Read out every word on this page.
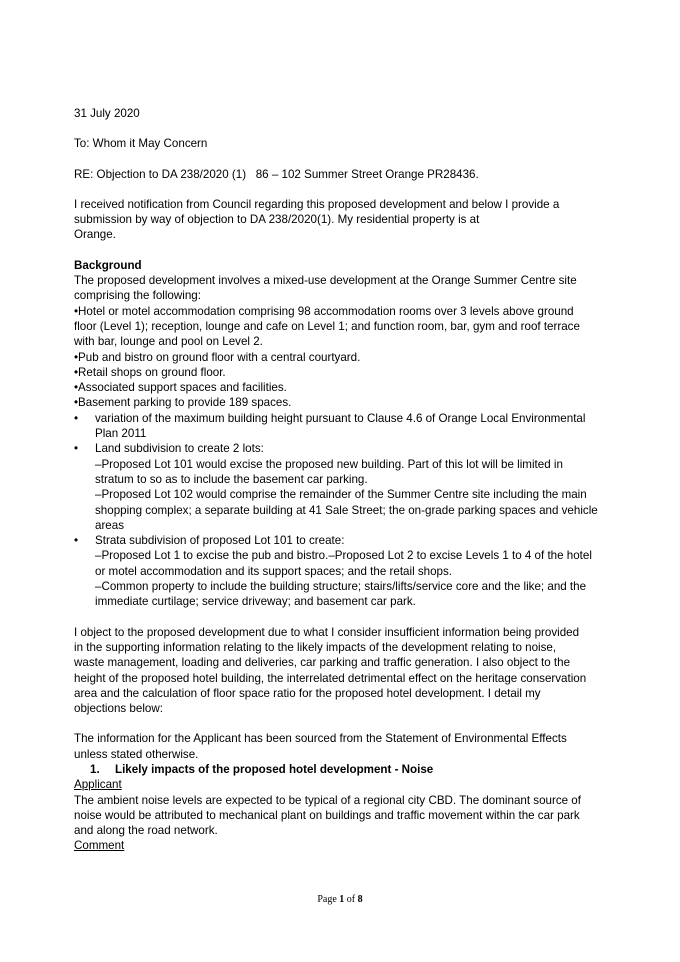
31 July 2020

To: Whom it May Concern

RE: Objection to DA 238/2020 (1)   86 – 102 Summer Street Orange PR28436.

I received notification from Council regarding this proposed development and below I provide a

submission by way of objection to DA 238/2020(1). My residential property is at

Orange.

Background

The proposed development involves a mixed-use development at the Orange Summer Centre site

comprising the following:

•Hotel or motel accommodation comprising 98 accommodation rooms over 3 levels above ground

floor (Level 1); reception, lounge and cafe on Level 1; and function room, bar, gym and roof terrace

with bar, lounge and pool on Level 2.

•Pub and bistro on ground floor with a central courtyard.

•Retail shops on ground floor.

•Associated support spaces and facilities.

•Basement parking to provide 189 spaces.

•	variation of the maximum building height pursuant to Clause 4.6 of Orange Local Environmental

Plan 2011

•	Land subdivision to create 2 lots:

–Proposed Lot 101 would excise the proposed new building. Part of this lot will be limited in

stratum to so as to include the basement car parking.

–Proposed Lot 102 would comprise the remainder of the Summer Centre site including the main

shopping complex; a separate building at 41 Sale Street; the on-grade parking spaces and vehicle

areas

•	Strata subdivision of proposed Lot 101 to create:

–Proposed Lot 1 to excise the pub and bistro.–Proposed Lot 2 to excise Levels 1 to 4 of the hotel

or motel accommodation and its support spaces; and the retail shops.

–Common property to include the building structure; stairs/lifts/service core and the like; and the

immediate curtilage; service driveway; and basement car park.

I object to the proposed development due to what I consider insufficient information being provided

in the supporting information relating to the likely impacts of the development relating to noise,

waste management, loading and deliveries, car parking and traffic generation. I also object to the

height of the proposed hotel building, the interrelated detrimental effect on the heritage conservation

area and the calculation of floor space ratio for the proposed hotel development. I detail my

objections below:

The information for the Applicant has been sourced from the Statement of Environmental Effects

unless stated otherwise.

1.	Likely impacts of the proposed hotel development - Noise

Applicant

The ambient noise levels are expected to be typical of a regional city CBD. The dominant source of

noise would be attributed to mechanical plant on buildings and traffic movement within the car park

and along the road network.

Comment

Page 1 of 8
